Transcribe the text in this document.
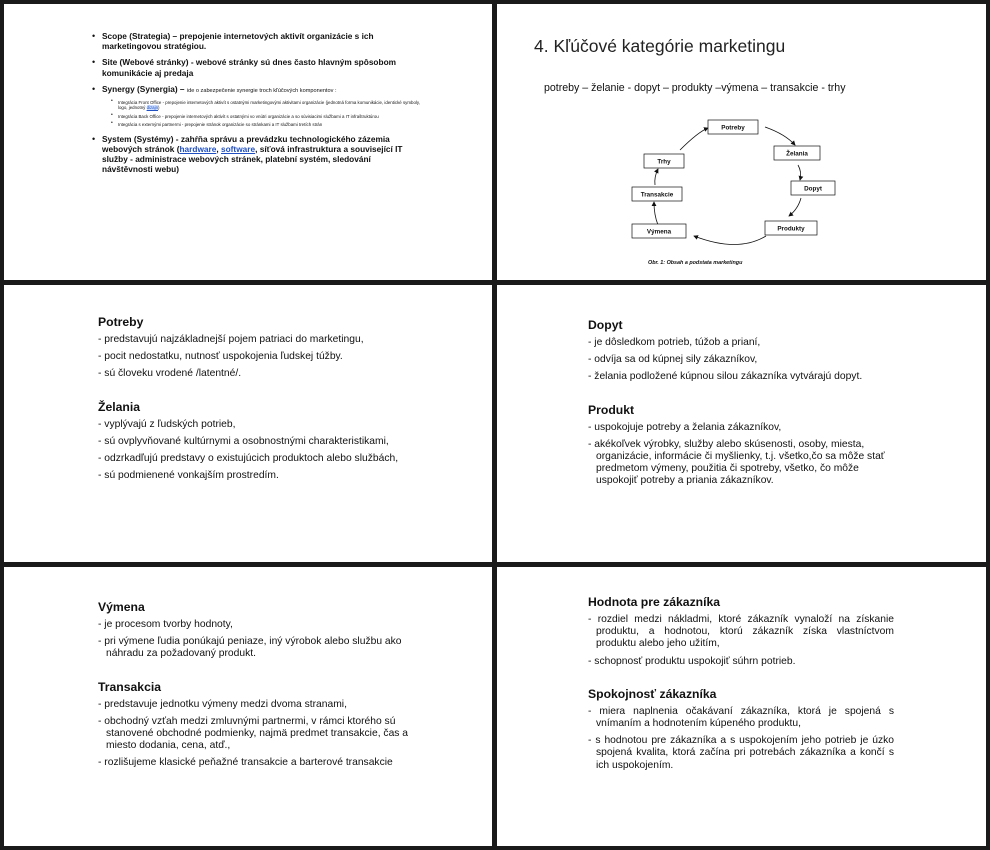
• Scope (Strategia) – prepojenie internetových aktivít organizácie s ich marketingovou stratégiou.
• Site (Webové stránky) - webové stránky sú dnes často hlavným spôsobom komunikácie aj predaja
• Synergy (Synergia) – ide o zabezpečenie synergie troch kľúčových komponentov :
• Integrácia Front Office - prepojenie internetových aktivít s ostatnými marketingovými aktivitami organizácie (jednotná forma komunikácie, identické symboly, logo, jednotný dizajn)
• Integrácia Back Office - prepojenie internetových aktivít s ostatnými vo vnútri organizácie a so súvisiacimi službami a IT infraštruktúrou
• Integrácia s externými partnermi - prepojenie stránok organizácie so stránkami a IT službami tretích strán
• System (Systémy) - zahŕňa správu a prevádzku technologického zázemia webových stránok (hardware, software, síťová infrastruktura a související IT služby - administrace webových stránek, platební systém, sledování návštěvnosti webu)
4. Kľúčové kategórie marketingu
potreby – želanie - dopyt – produkty –výmena – transakcie - trhy
Potreby
Želania
Dopyt
Produkty
Výmena
Transakcie
Trhy
Obr. 1: Obsah a podstata marketingu
Potreby
- predstavujú najzákladnejší pojem patriaci do marketingu,
- pocit nedostatku, nutnosť uspokojenia ľudskej túžby.
- sú človeku vrodené /latentné/.
Želania
- vyplývajú z ľudských potrieb,
- sú ovplyvňované kultúrnymi a osobnostnými charakteristikami,
- odzrkadľujú predstavy o existujúcich produktoch alebo službách,
- sú podmienené vonkajším prostredím.
Dopyt
- je dôsledkom potrieb, túžob a prianí,
- odvíja sa od kúpnej sily zákazníkov,
- želania podložené kúpnou silou zákazníka vytvárajú dopyt.
Produkt
- uspokojuje potreby a želania zákazníkov,
- akékoľvek výrobky, služby alebo skúsenosti, osoby, miesta, organizácie, informácie či myšlienky, t.j. všetko,čo sa môže stať predmetom výmeny, použitia či spotreby, všetko, čo môže uspokojiť potreby a priania zákazníkov.
Výmena
- je procesom tvorby hodnoty,
- pri výmene ľudia ponúkajú peniaze, iný výrobok alebo službu ako náhradu za požadovaný produkt.
Transakcia
- predstavuje jednotku výmeny medzi dvoma stranami,
- obchodný vzťah medzi zmluvnými partnermi, v rámci ktorého sú stanovené obchodné podmienky, najmä predmet transakcie, čas a miesto dodania, cena, atď.,
- rozlišujeme klasické peňažné transakcie a barterové transakcie
Hodnota pre zákazníka
- rozdiel medzi nákladmi, ktoré zákazník vynaloží na získanie produktu, a hodnotou, ktorú zákazník získa vlastníctvom produktu alebo jeho užitím,
- schopnosť produktu uspokojiť súhrn potrieb.
Spokojnosť zákazníka
- miera naplnenia očakávaní zákazníka, ktorá je spojená s vnímaním a hodnotením kúpeného produktu,
- s hodnotou pre zákazníka a s uspokojením jeho potrieb je úzko spojená kvalita, ktorá začína pri potrebách zákazníka a končí s ich uspokojením.
